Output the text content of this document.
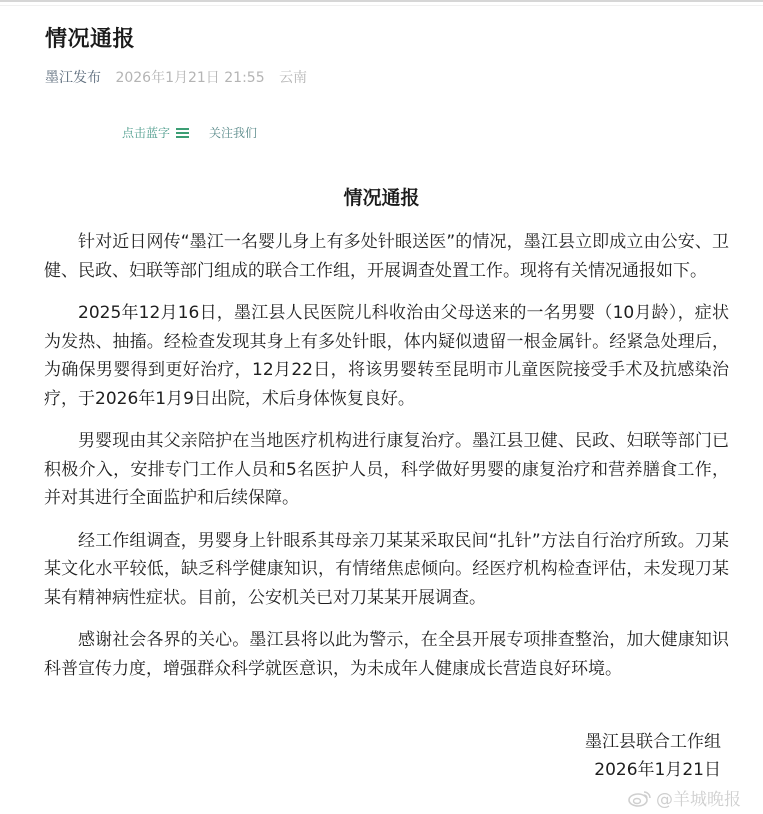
情况通报
墨江发布 2026年1月21日 21:55 云南
点击蓝字	关注我们
情况通报

针对近日网传“墨江一名婴儿身上有多处针眼送医”的情况，墨江县立即成立由公安、卫健、民政、妇联等部门组成的联合工作组，开展调查处置工作。现将有关情况通报如下。

2025年12月16日，墨江县人民医院儿科收治由父母送来的一名男婴（10月龄），症状为发热、抽搐。经检查发现其身上有多处针眼，体内疑似遗留一根金属针。经紧急处理后，为确保男婴得到更好治疗，12月22日，将该男婴转至昆明市儿童医院接受手术及抗感染治疗，于2026年1月9日出院，术后身体恢复良好。

男婴现由其父亲陪护在当地医疗机构进行康复治疗。墨江县卫健、民政、妇联等部门已积极介入，安排专门工作人员和5名医护人员，科学做好男婴的康复治疗和营养膳食工作，并对其进行全面监护和后续保障。

经工作组调查，男婴身上针眼系其母亲刀某某采取民间“扎针”方法自行治疗所致。刀某某文化水平较低，缺乏科学健康知识，有情绪焦虑倾向。经医疗机构检查评估，未发现刀某某有精神病性症状。目前，公安机关已对刀某某开展调查。

感谢社会各界的关心。墨江县将以此为警示，在全县开展专项排查整治，加大健康知识科普宣传力度，增强群众科学就医意识，为未成年人健康成长营造良好环境。

墨江县联合工作组
2026年1月21日
@羊城晚报
